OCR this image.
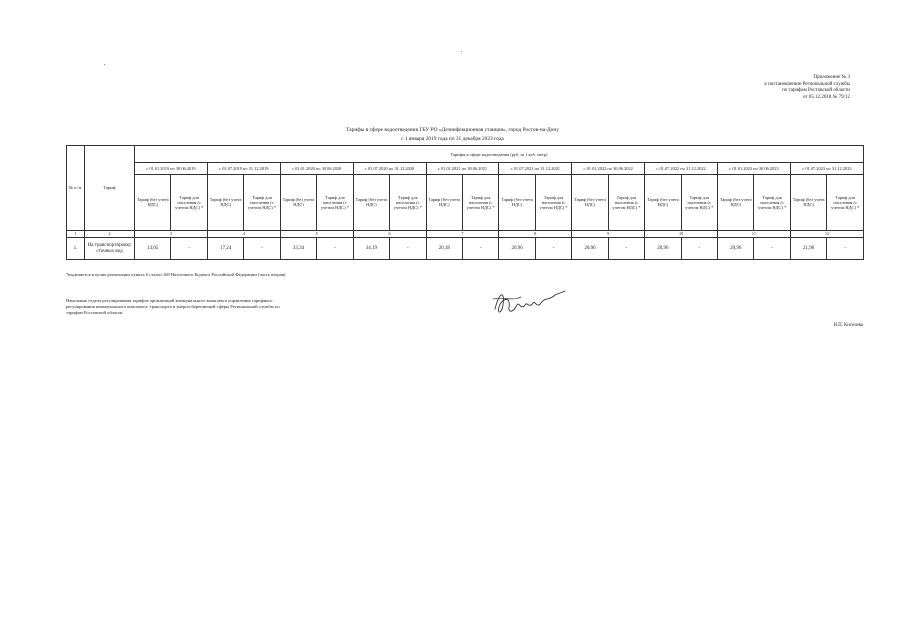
Приложение № 3
к постановлению Региональной службы
по тарифам Ростовской области
от 05.12.2018 № 79/12
Тарифы в сфере водоотведения ГБУ РО «Дезинфекционная станция», город Ростов-на-Дону
с 1 января 2019 года по 31 декабря 2023 года
№ п./п.	Тариф	Тарифы в сфере водоотведения (руб. за 1 куб. метр)																			
		с 01.01.2019 по 30.06.2019		с 01.07.2019 по 31.12.2019		с 01.01.2020 по 30.06.2020		с 01.07.2020 по 31.12.2020		с 01.01.2021 по 30.06.2021		с 01.07.2021 по 31.12.2021		с 01.01.2022 по 30.06.2022		с 01.07.2022 по 31.12.2022		с 01.01.2023 по 30.06.2023		с 01.07.2023 по 31.12.2023	
		Тариф (без учета НДС)	Тариф для населения (с учетом НДС) *	Тариф (без учета НДС)	Тариф для населения (с учетом НДС) *	Тариф (без учета НДС)	Тариф для населения (с учетом НДС) *	Тариф (без учета НДС)	Тариф для населения (с учетом НДС) *	Тариф (без учета НДС)	Тариф для населения (с учетом НДС) *	Тариф (без учета НДС)	Тариф для населения (с учетом НДС) *	Тариф (без учета НДС)	Тариф для населения (с учетом НДС) *	Тариф (без учета НДС)	Тариф для населения (с учетом НДС) *	Тариф (без учета НДС)	Тариф для населения (с учетом НДС) *	Тариф (без учета НДС)	Тариф для населения (с учетом НДС) *
1	2	3		4		5		6		7		8		9		10		11		12	
1.	На транспортировку сточных вод	13,05	-	17,24	-	33,34	-	34,19	-	20,18	-	20,96	-	20,96	-	20,96	-	20,96	-	21,96	-
*выделяется в целях реализации пункта 6 статьи 168 Налогового Кодекса Российской Федерации (часть вторая)
Начальник отдела регулирования тарифов организаций коммунального комплекса управления тарифного регулирования коммунального комплекса, транспорта и энергосберегающей сферы Региональной службы по тарифам Ростовской области
И.П. Киселева
